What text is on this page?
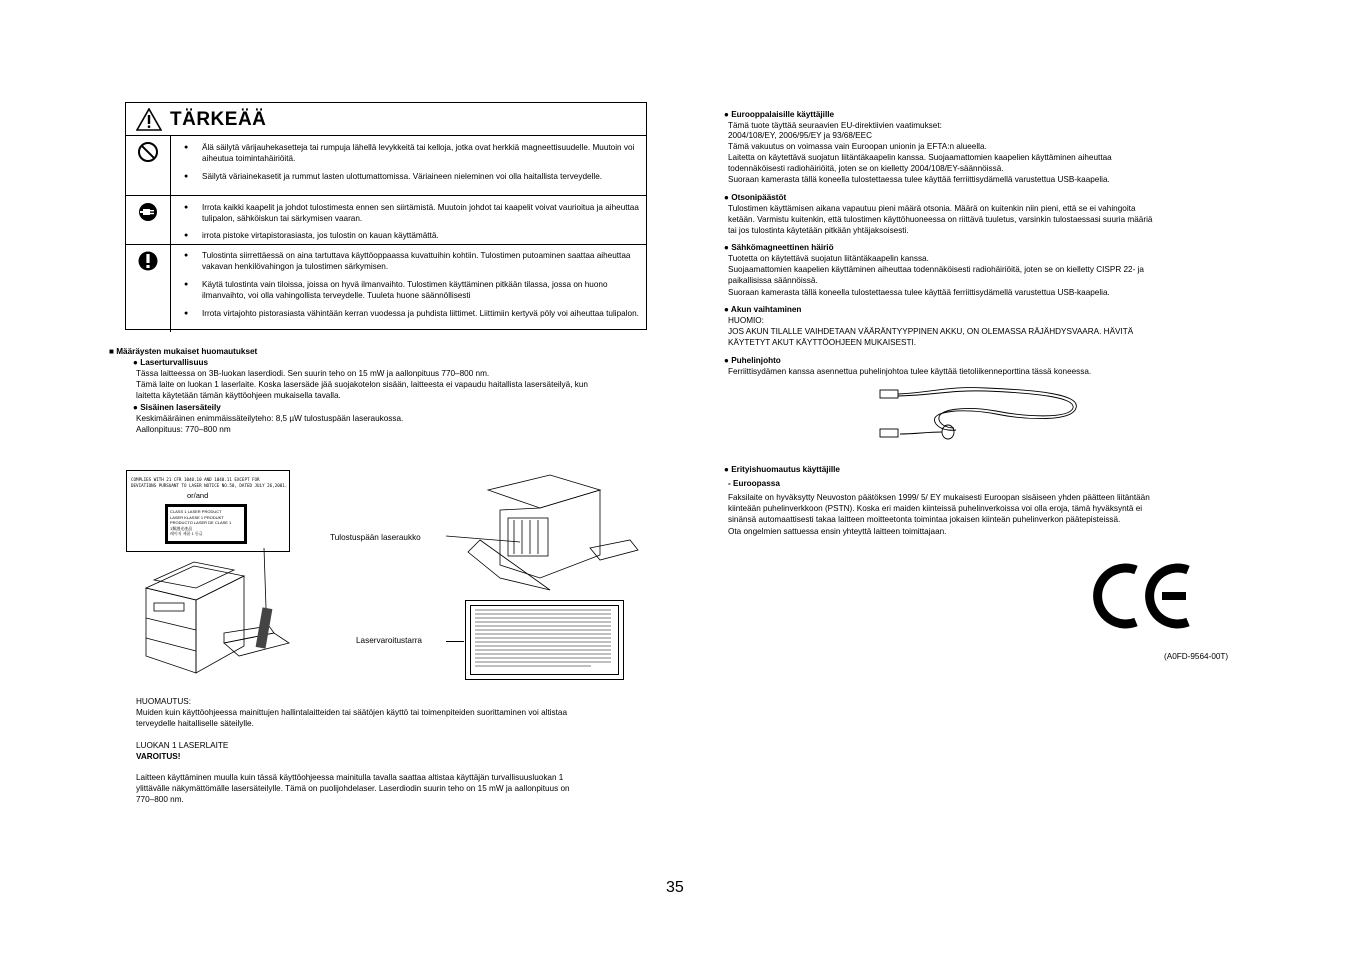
TÄRKEÄÄ
● Älä säilytä värijauhekasetteja tai rumpuja lähellä levykkeitä tai kelloja, jotka ovat herkkiä magneettisuudelle. Muutoin voi aiheutua toimintahäiriöitä.
● Säilytä väriainekasetit ja rummut lasten ulottumattomissa. Väriaineen nieleminen voi olla haitallista terveydelle.
● Irrota kaikki kaapelit ja johdot tulostimesta ennen sen siirtämistä. Muutoin johdot tai kaapelit voivat vaurioitua ja aiheuttaa tulipalon, sähköiskun tai särkymisen vaaran.
● irrota pistoke virtapistorasiasta, jos tulostin on kauan käyttämättä.
● Tulostinta siirrettäessä on aina tartuttava käyttöoppaassa kuvattuihin kohtiin. Tulostimen putoaminen saattaa aiheuttaa vakavan henkilövahingon ja tulostimen särkymisen.
● Käytä tulostinta vain tiloissa, joissa on hyvä ilmanvaihto. Tulostimen käyttäminen pitkään tilassa, jossa on huono ilmanvaihto, voi olla vahingollista terveydelle. Tuuleta huone säännöllisesti
● Irrota virtajohto pistorasiasta vähintään kerran vuodessa ja puhdista liittimet. Liittimiin kertyvä pöly voi aiheuttaa tulipalon.
■ Määräysten mukaiset huomautukset
● Laserturvallisuus
Tässa laitteessa on 3B-luokan laserdiodi. Sen suurin teho on 15 mW ja aallonpituus 770–800 nm.
Tämä laite on luokan 1 laserlaite. Koska lasersäde jää suojakotelon sisään, laitteesta ei vapaudu haitallista lasersäteilyä, kun
laitetta käytetään tämän käyttöohjeen mukaisella tavalla.
● Sisäinen lasersäteily
Keskimääräinen enimmäissäteilyteho: 8,5 µW tulostuspään laseraukossa.
Aallonpituus: 770–800 nm
COMPLIES WITH 21 CFR 1040.10 AND 1040.11 EXCEPT FOR
DEVIATIONS PURSUANT TO LASER NOTICE NO.50, DATED JULY 26,2001.
or/and
CLASS 1 LASER PRODUCT
LASER KLASSE 1 PRODUKT
PRODUCTO LASER DE CLASE 1
1類激光產品
레이저 제품 1 등급	Tulostuspään laseraukko
Laservaroitustarra
HUOMAUTUS:
Muiden kuin käyttöohjeessa mainittujen hallintalaitteiden tai säätöjen käyttö tai toimenpiteiden suorittaminen voi altistaa
terveydelle haitalliselle säteilylle.
LUOKAN 1 LASERLAITE
VAROITUS!
Laitteen käyttäminen muulla kuin tässä käyttöohjeessa mainitulla tavalla saattaa altistaa käyttäjän turvallisuusluokan 1
ylittävälle näkymättömälle lasersäteilylle. Tämä on puolijohdelaser. Laserdiodin suurin teho on 15 mW ja aallonpituus on
770–800 nm.
● Eurooppalaisille käyttäjille
Tämä tuote täyttää seuraavien EU-direktiivien vaatimukset:
2004/108/EY, 2006/95/EY ja 93/68/EEC
Tämä vakuutus on voimassa vain Euroopan unionin ja EFTA:n alueella.
Laitetta on käytettävä suojatun liitäntäkaapelin kanssa. Suojaamattomien kaapelien käyttäminen aiheuttaa
todennäköisesti radiohäiriöitä, joten se on kielletty 2004/108/EY-säännöissä.
Suoraan kamerasta tällä koneella tulostettaessa tulee käyttää ferriittisydämellä varustettua USB-kaapelia.
● Otsonipäästöt
Tulostimen käyttämisen aikana vapautuu pieni määrä otsonia. Määrä on kuitenkin niin pieni, että se ei vahingoita
ketään. Varmistu kuitenkin, että tulostimen käyttöhuoneessa on riittävä tuuletus, varsinkin tulostaessasi suuria määriä
tai jos tulostinta käytetään pitkään yhtäjaksoisesti.
● Sähkömagneettinen häiriö
Tuotetta on käytettävä suojatun liitäntäkaapelin kanssa.
Suojaamattomien kaapelien käyttäminen aiheuttaa todennäköisesti radiohäiriöitä, joten se on kielletty CISPR 22- ja
paikallisissa säännöissä.
Suoraan kamerasta tällä koneella tulostettaessa tulee käyttää ferriittisydämellä varustettua USB-kaapelia.
● Akun vaihtaminen
HUOMIO:
JOS AKUN TILALLE VAIHDETAAN VÄÄRÄNTYYPPINEN AKKU, ON OLEMASSA RÄJÄHDYSVAARA. HÄVITÄ
KÄYTETYT AKUT KÄYTTÖOHJEEN MUKAISESTI.
● Puhelinjohto
Ferriittisydämen kanssa asennettua puhelinjohtoa tulee käyttää tietoliikenneporttina tässä koneessa.
● Erityishuomautus käyttäjille
- Euroopassa
Faksilaite on hyväksytty Neuvoston päätöksen 1999/ 5/ EY mukaisesti Euroopan sisäiseen yhden päätteen liitäntään
kiinteään puhelinverkkoon (PSTN). Koska eri maiden kiinteissä puhelinverkoissa voi olla eroja, tämä hyväksyntä ei
sinänsä automaattisesti takaa laitteen moitteetonta toimintaa jokaisen kiinteän puhelinverkon päätepisteissä.
Ota ongelmien sattuessa ensin yhteyttä laitteen toimittajaan.
(A0FD-9564-00T)
35
